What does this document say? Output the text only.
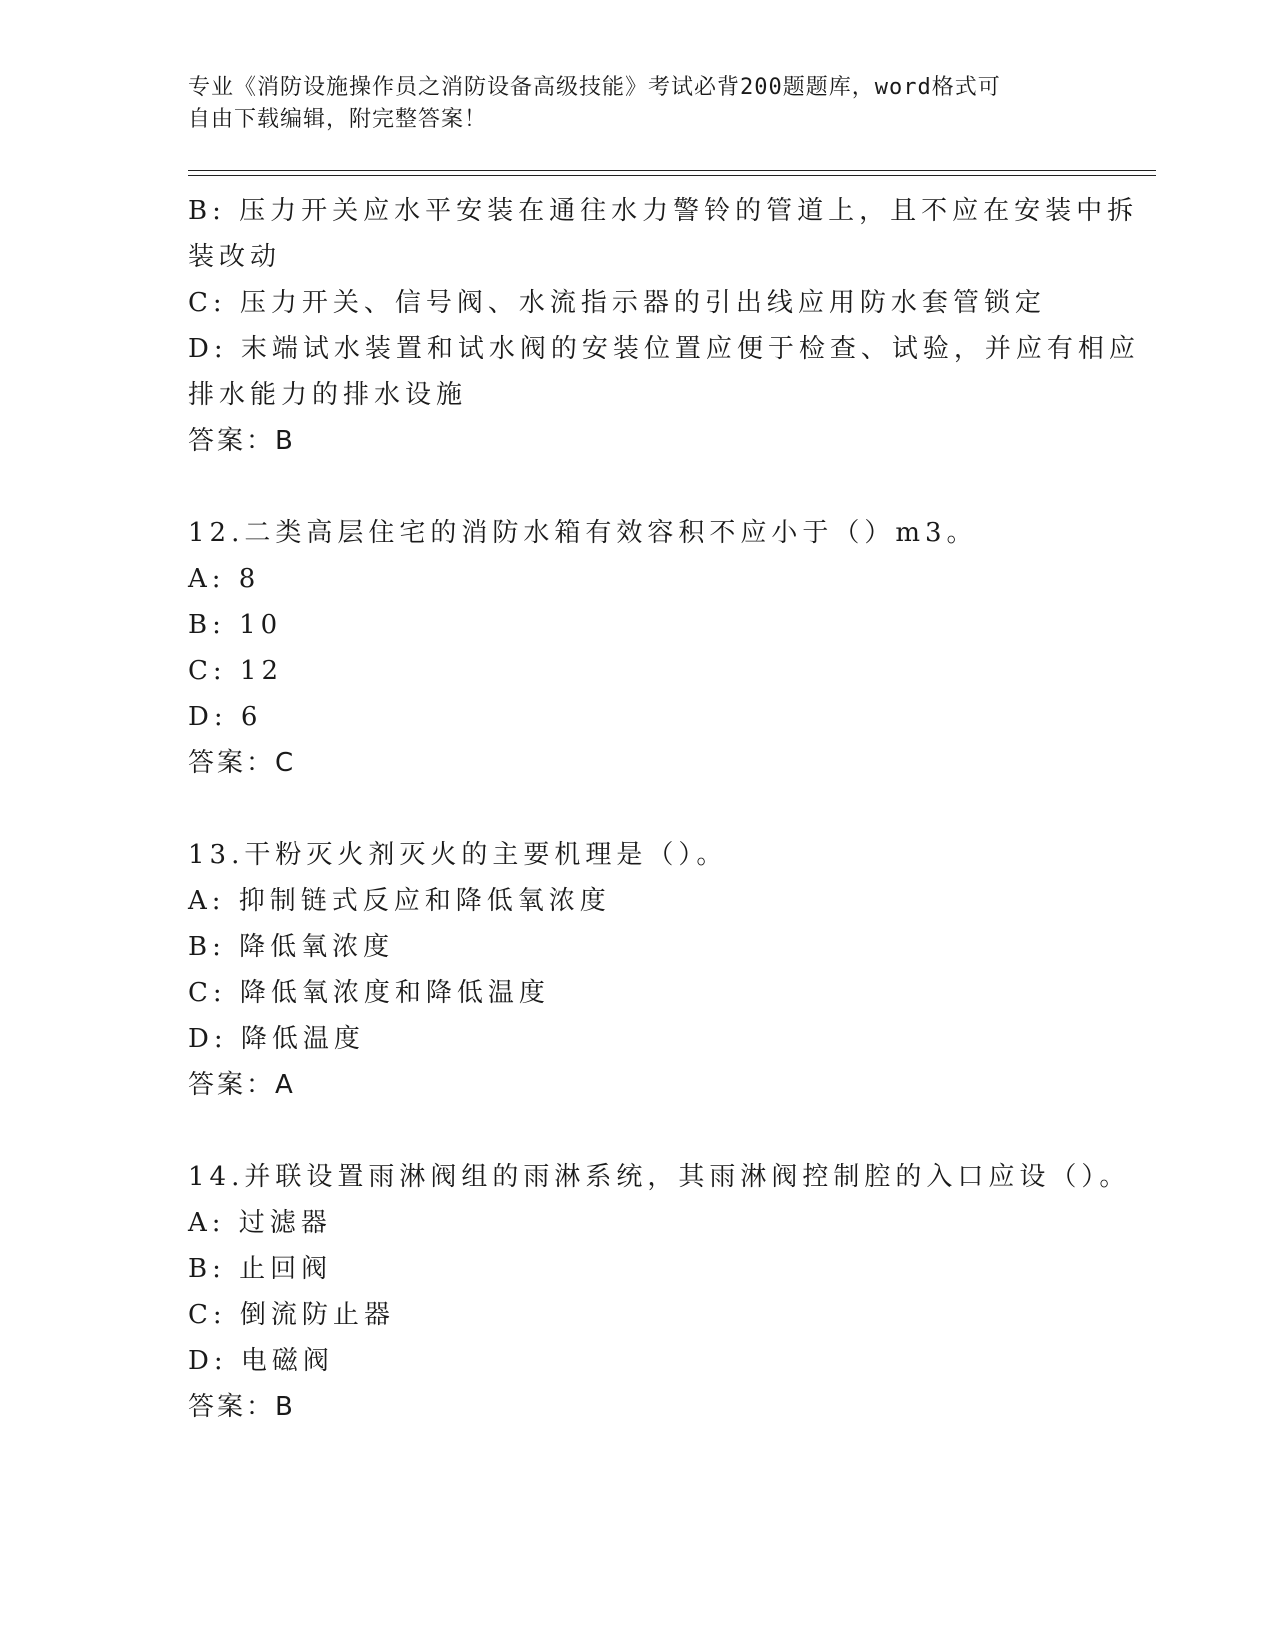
专业《消防设施操作员之消防设备高级技能》考试必背200题题库，word格式可
自由下载编辑，附完整答案！
B: 压力开关应水平安装在通往水力警铃的管道上，且不应在安装中拆
装改动
C: 压力开关、信号阀、水流指示器的引出线应用防水套管锁定
D: 末端试水装置和试水阀的安装位置应便于检查、试验，并应有相应
排水能力的排水设施
答案：B
12.二类高层住宅的消防水箱有效容积不应小于（）m3。
A: 8
B: 10
C: 12
D: 6
答案：C
13.干粉灭火剂灭火的主要机理是（）。
A: 抑制链式反应和降低氧浓度
B: 降低氧浓度
C: 降低氧浓度和降低温度
D: 降低温度
答案：A
14.并联设置雨淋阀组的雨淋系统，其雨淋阀控制腔的入口应设（）。
A: 过滤器
B: 止回阀
C: 倒流防止器
D: 电磁阀
答案：B
